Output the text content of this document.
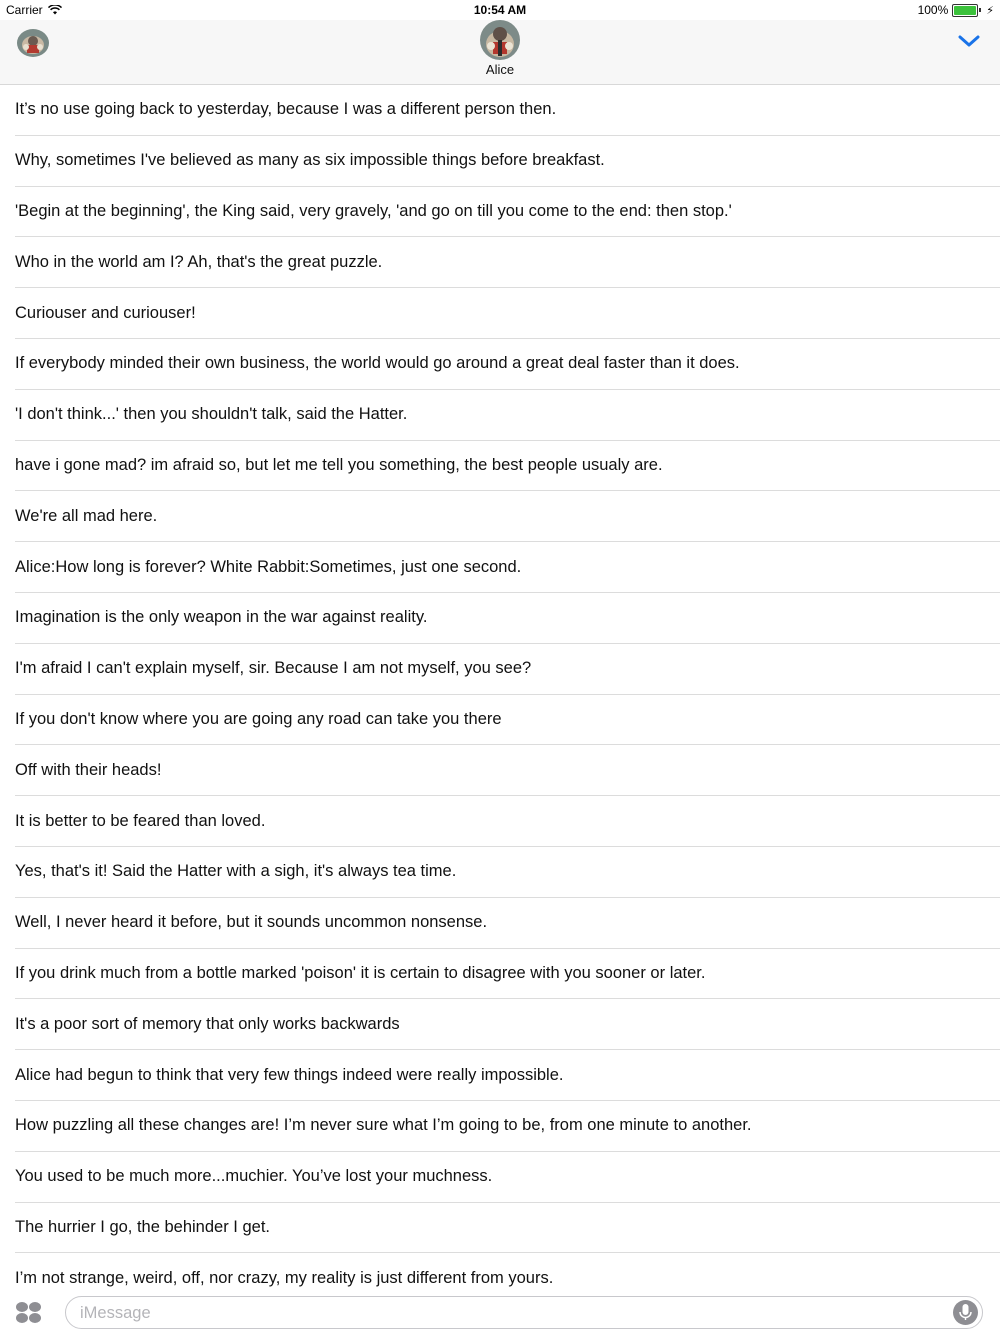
Carrier	10:54 AM	100%	⚡
Alice
It’s no use going back to yesterday, because I was a different person then.
Why, sometimes I've believed as many as six impossible things before breakfast.
'Begin at the beginning', the King said, very gravely, 'and go on till you come to the end: then stop.'
Who in the world am I? Ah, that's the great puzzle.
Curiouser and curiouser!
If everybody minded their own business, the world would go around a great deal faster than it does.
'I don't think...' then you shouldn't talk, said the Hatter.
have i gone mad? im afraid so, but let me tell you something, the best people usualy are.
We're all mad here.
Alice:How long is forever? White Rabbit:Sometimes, just one second.
Imagination is the only weapon in the war against reality.
I'm afraid I can't explain myself, sir. Because I am not myself, you see?
If you don't know where you are going any road can take you there
Off with their heads!
It is better to be feared than loved.
Yes, that's it! Said the Hatter with a sigh, it's always tea time.
Well, I never heard it before, but it sounds uncommon nonsense.
If you drink much from a bottle marked 'poison' it is certain to disagree with you sooner or later.
It's a poor sort of memory that only works backwards
Alice had begun to think that very few things indeed were really impossible.
How puzzling all these changes are! I’m never sure what I’m going to be, from one minute to another.
You used to be much more...muchier. You’ve lost your muchness.
The hurrier I go, the behinder I get.
I’m not strange, weird, off, nor crazy, my reality is just different from yours.
iMessage
